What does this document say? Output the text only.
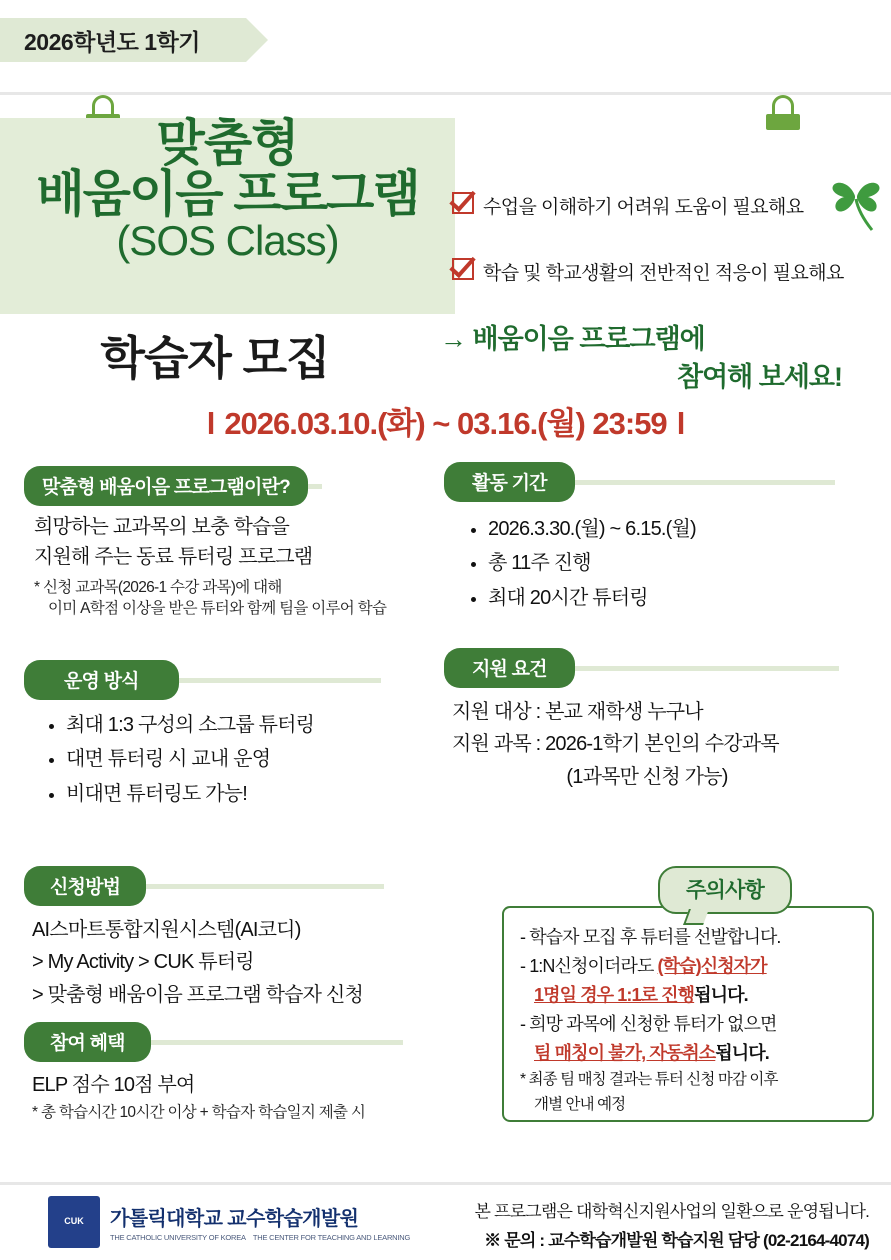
2026학년도 1학기
맞춤형
배움이음 프로그램
(SOS Class)
학습자 모집
수업을 이해하기 어려워 도움이 필요해요
학습 및 학교생활의 전반적인 적응이 필요해요
→ 배움이음 프로그램에
참여해 보세요!
l 2026.03.10.(화) ~ 03.16.(월) 23:59 l
맞춤형 배움이음 프로그램이란?
희망하는 교과목의 보충 학습을
지원해 주는 동료 튜터링 프로그램
* 신청 교과목(2026-1 수강 과목)에 대해
이미 A학점 이상을 받은 튜터와 함께 팀을 이루어 학습
운영 방식
• 최대 1:3 구성의 소그룹 튜터링
• 대면 튜터링 시 교내 운영
• 비대면 튜터링도 가능!
신청방법
AI스마트통합지원시스템(AI코디)
> My Activity > CUK 튜터링
> 맞춤형 배움이음 프로그램 학습자 신청
참여 혜택
ELP 점수 10점 부여
* 총 학습시간 10시간 이상 + 학습자 학습일지 제출 시
활동 기간
• 2026.3.30.(월) ~ 6.15.(월)
• 총 11주 진행
• 최대 20시간 튜터링
지원 요건
지원 대상 : 본교 재학생 누구나
지원 과목 : 2026-1학기 본인의 수강과목
(1과목만 신청 가능)
주의사항
- 학습자 모집 후 튜터를 선발합니다.
- 1:N신청이더라도 (학습)신청자가
1명일 경우 1:1로 진행됩니다.
- 희망 과목에 신청한 튜터가 없으면
팀 매칭이 불가, 자동취소됩니다.
* 최종 팀 매칭 결과는 튜터 신청 마감 이후
개별 안내 예정
CUK	가톨릭대학교 교수학습개발원
THE CATHOLIC UNIVERSITY OF KOREA THE CENTER FOR TEACHING AND LEARNING
본 프로그램은 대학혁신지원사업의 일환으로 운영됩니다.
※ 문의 : 교수학습개발원 학습지원 담당 (02-2164-4074)
